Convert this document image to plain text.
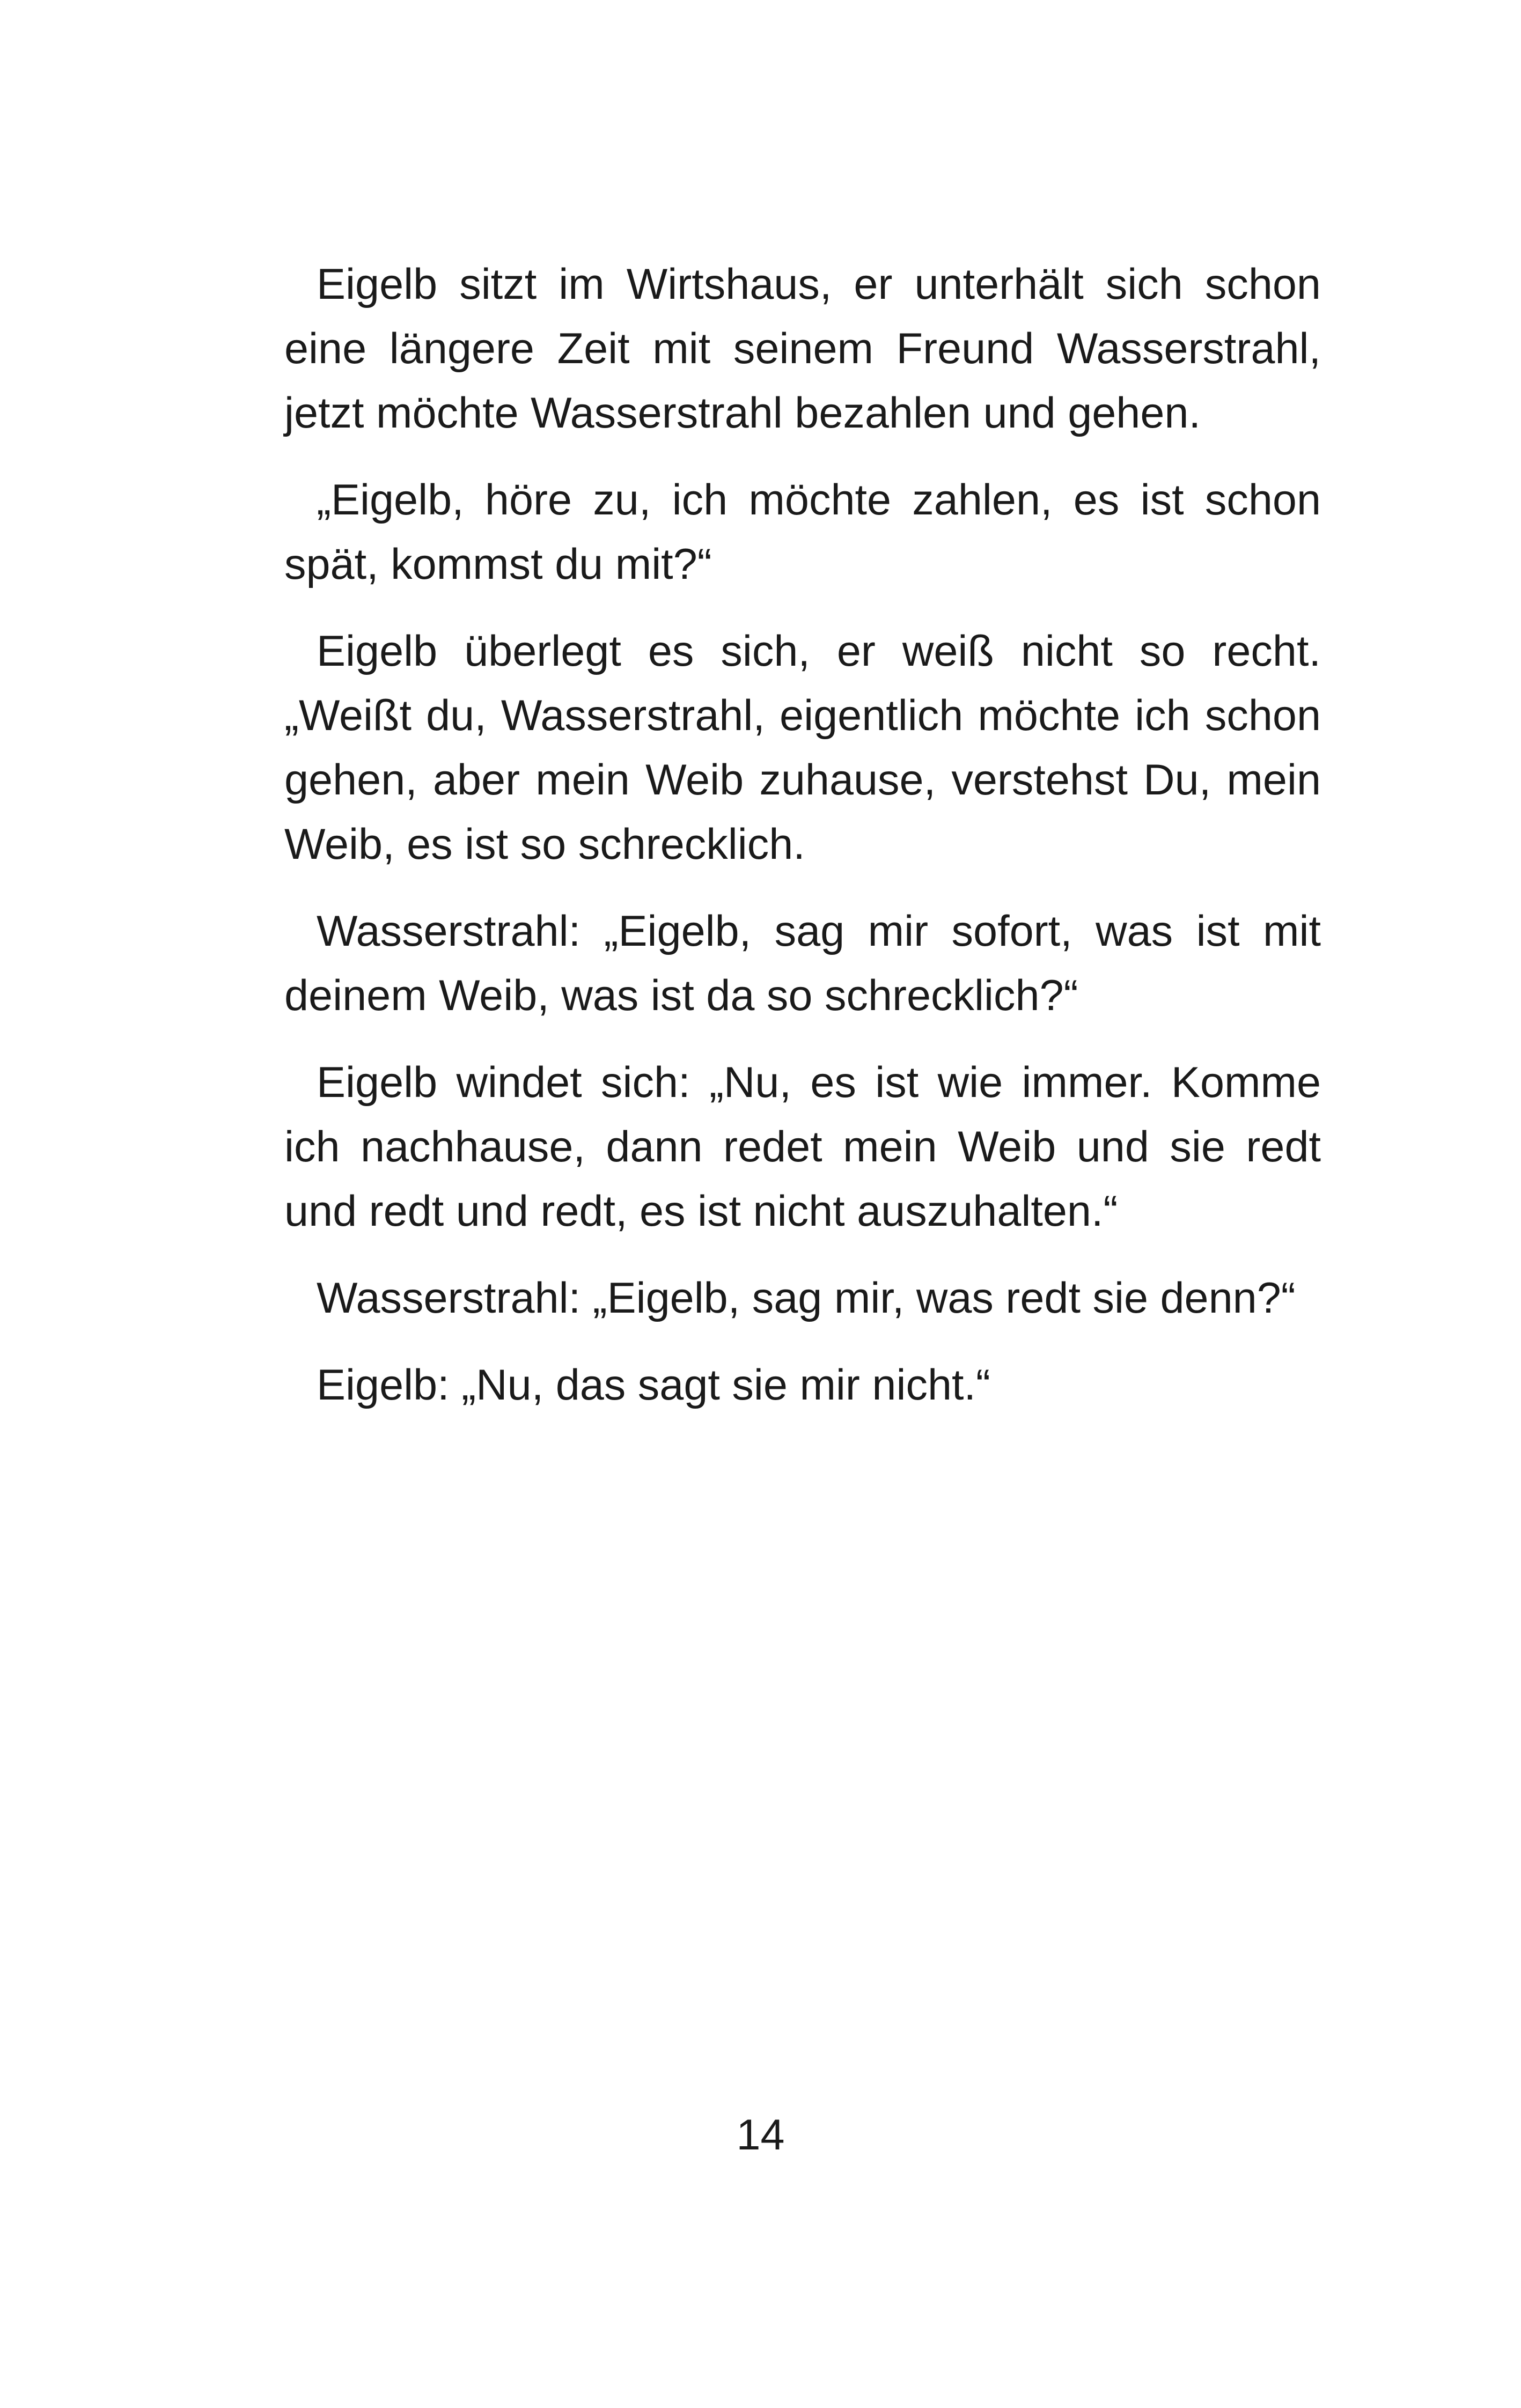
Eigelb sitzt im Wirtshaus, er unterhält sich schon eine längere Zeit mit seinem Freund Wasserstrahl, jetzt möchte Wasserstrahl bezahlen und gehen.

„Eigelb, höre zu, ich möchte zahlen, es ist schon spät, kommst du mit?“

Eigelb überlegt es sich, er weiß nicht so recht. „Weißt du, Wasserstrahl, eigentlich möchte ich schon gehen, aber mein Weib zuhause, verstehst Du, mein Weib, es ist so schrecklich.

Wasserstrahl: „Eigelb, sag mir sofort, was ist mit deinem Weib, was ist da so schrecklich?“

Eigelb windet sich: „Nu, es ist wie immer. Komme ich nachhause, dann redet mein Weib und sie redt und redt und redt, es ist nicht auszuhalten.“

Wasserstrahl: „Eigelb, sag mir, was redt sie denn?“

Eigelb: „Nu, das sagt sie mir nicht.“

14
